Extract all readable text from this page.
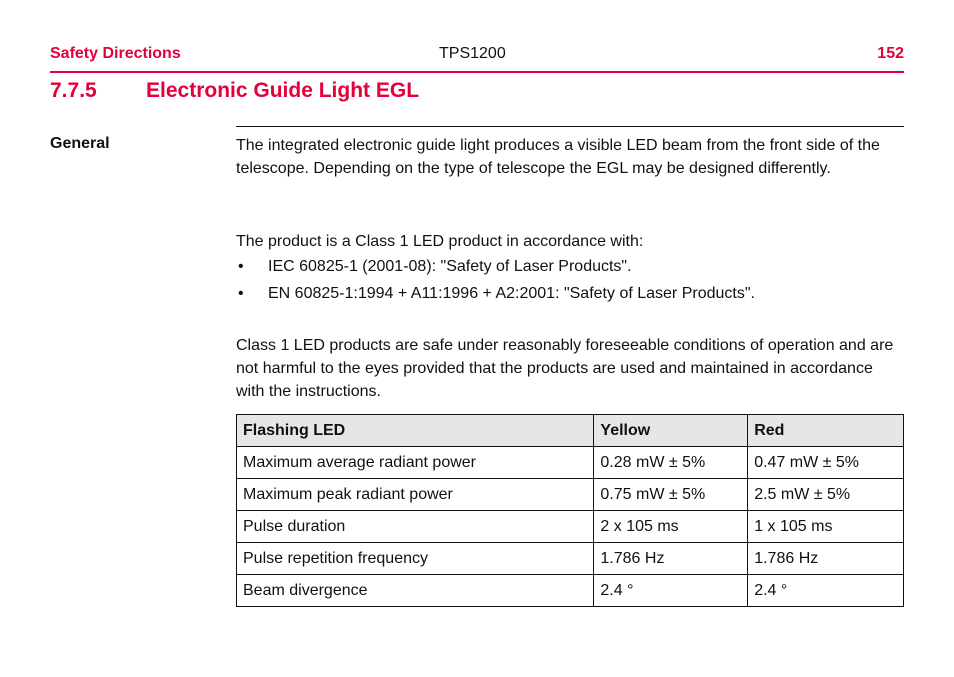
Safety Directions	TPS1200	152
7.7.5 Electronic Guide Light EGL
General	The integrated electronic guide light produces a visible LED beam from the front side of the telescope. Depending on the type of telescope the EGL may be designed differently.

The product is a Class 1 LED product in accordance with:

• IEC 60825-1 (2001-08): "Safety of Laser Products".
• EN 60825-1:1994 + A11:1996 + A2:2001: "Safety of Laser Products".

Class 1 LED products are safe under reasonably foreseeable conditions of operation and are not harmful to the eyes provided that the products are used and maintained in accordance with the instructions.

Flashing LED	Yellow	Red
Maximum average radiant power	0.28 mW ± 5%	0.47 mW ± 5%
Maximum peak radiant power	0.75 mW ± 5%	2.5 mW ± 5%
Pulse duration	2 x 105 ms	1 x 105 ms
Pulse repetition frequency	1.786 Hz	1.786 Hz
Beam divergence	2.4 °	2.4 °
